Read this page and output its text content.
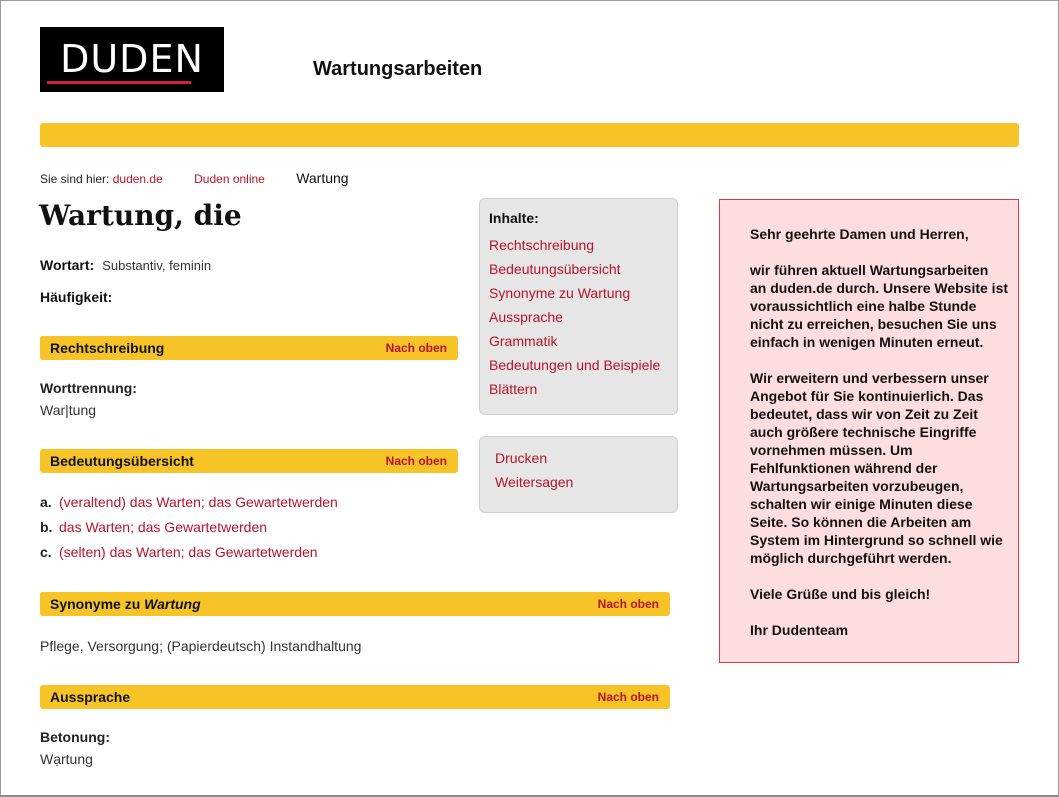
DUDEN	Wartungsarbeiten
Sie sind hier: duden.de	Duden online Wartung
Wartung, die
Wortart: Substantiv, feminin
Häufigkeit:
Rechtschreibung	Nach oben
Worttrennung:
War|tung
Bedeutungsübersicht	Nach oben
a. (veraltend) das Warten; das Gewartetwerden
b. das Warten; das Gewartetwerden
c. (selten) das Warten; das Gewartetwerden
Synonyme zu Wartung	Nach oben
Pflege, Versorgung; (Papierdeutsch) Instandhaltung
Aussprache	Nach oben
Betonung:
Wạrtung
Inhalte:
Rechtschreibung
Bedeutungsübersicht
Synonyme zu Wartung
Aussprache
Grammatik
Bedeutungen und Beispiele
Blättern
Drucken
Weitersagen

Sehr geehrte Damen und Herren,

wir führen aktuell Wartungsarbeiten an duden.de durch. Unsere Website ist voraussichtlich eine halbe Stunde nicht zu erreichen, besuchen Sie uns einfach in wenigen Minuten erneut.

Wir erweitern und verbessern unser Angebot für Sie kontinuierlich. Das bedeutet, dass wir von Zeit zu Zeit auch größere technische Eingriffe vornehmen müssen. Um Fehlfunktionen während der Wartungsarbeiten vorzubeugen, schalten wir einige Minuten diese Seite. So können die Arbeiten am System im Hintergrund so schnell wie möglich durchgeführt werden.

Viele Grüße und bis gleich!

Ihr Dudenteam
